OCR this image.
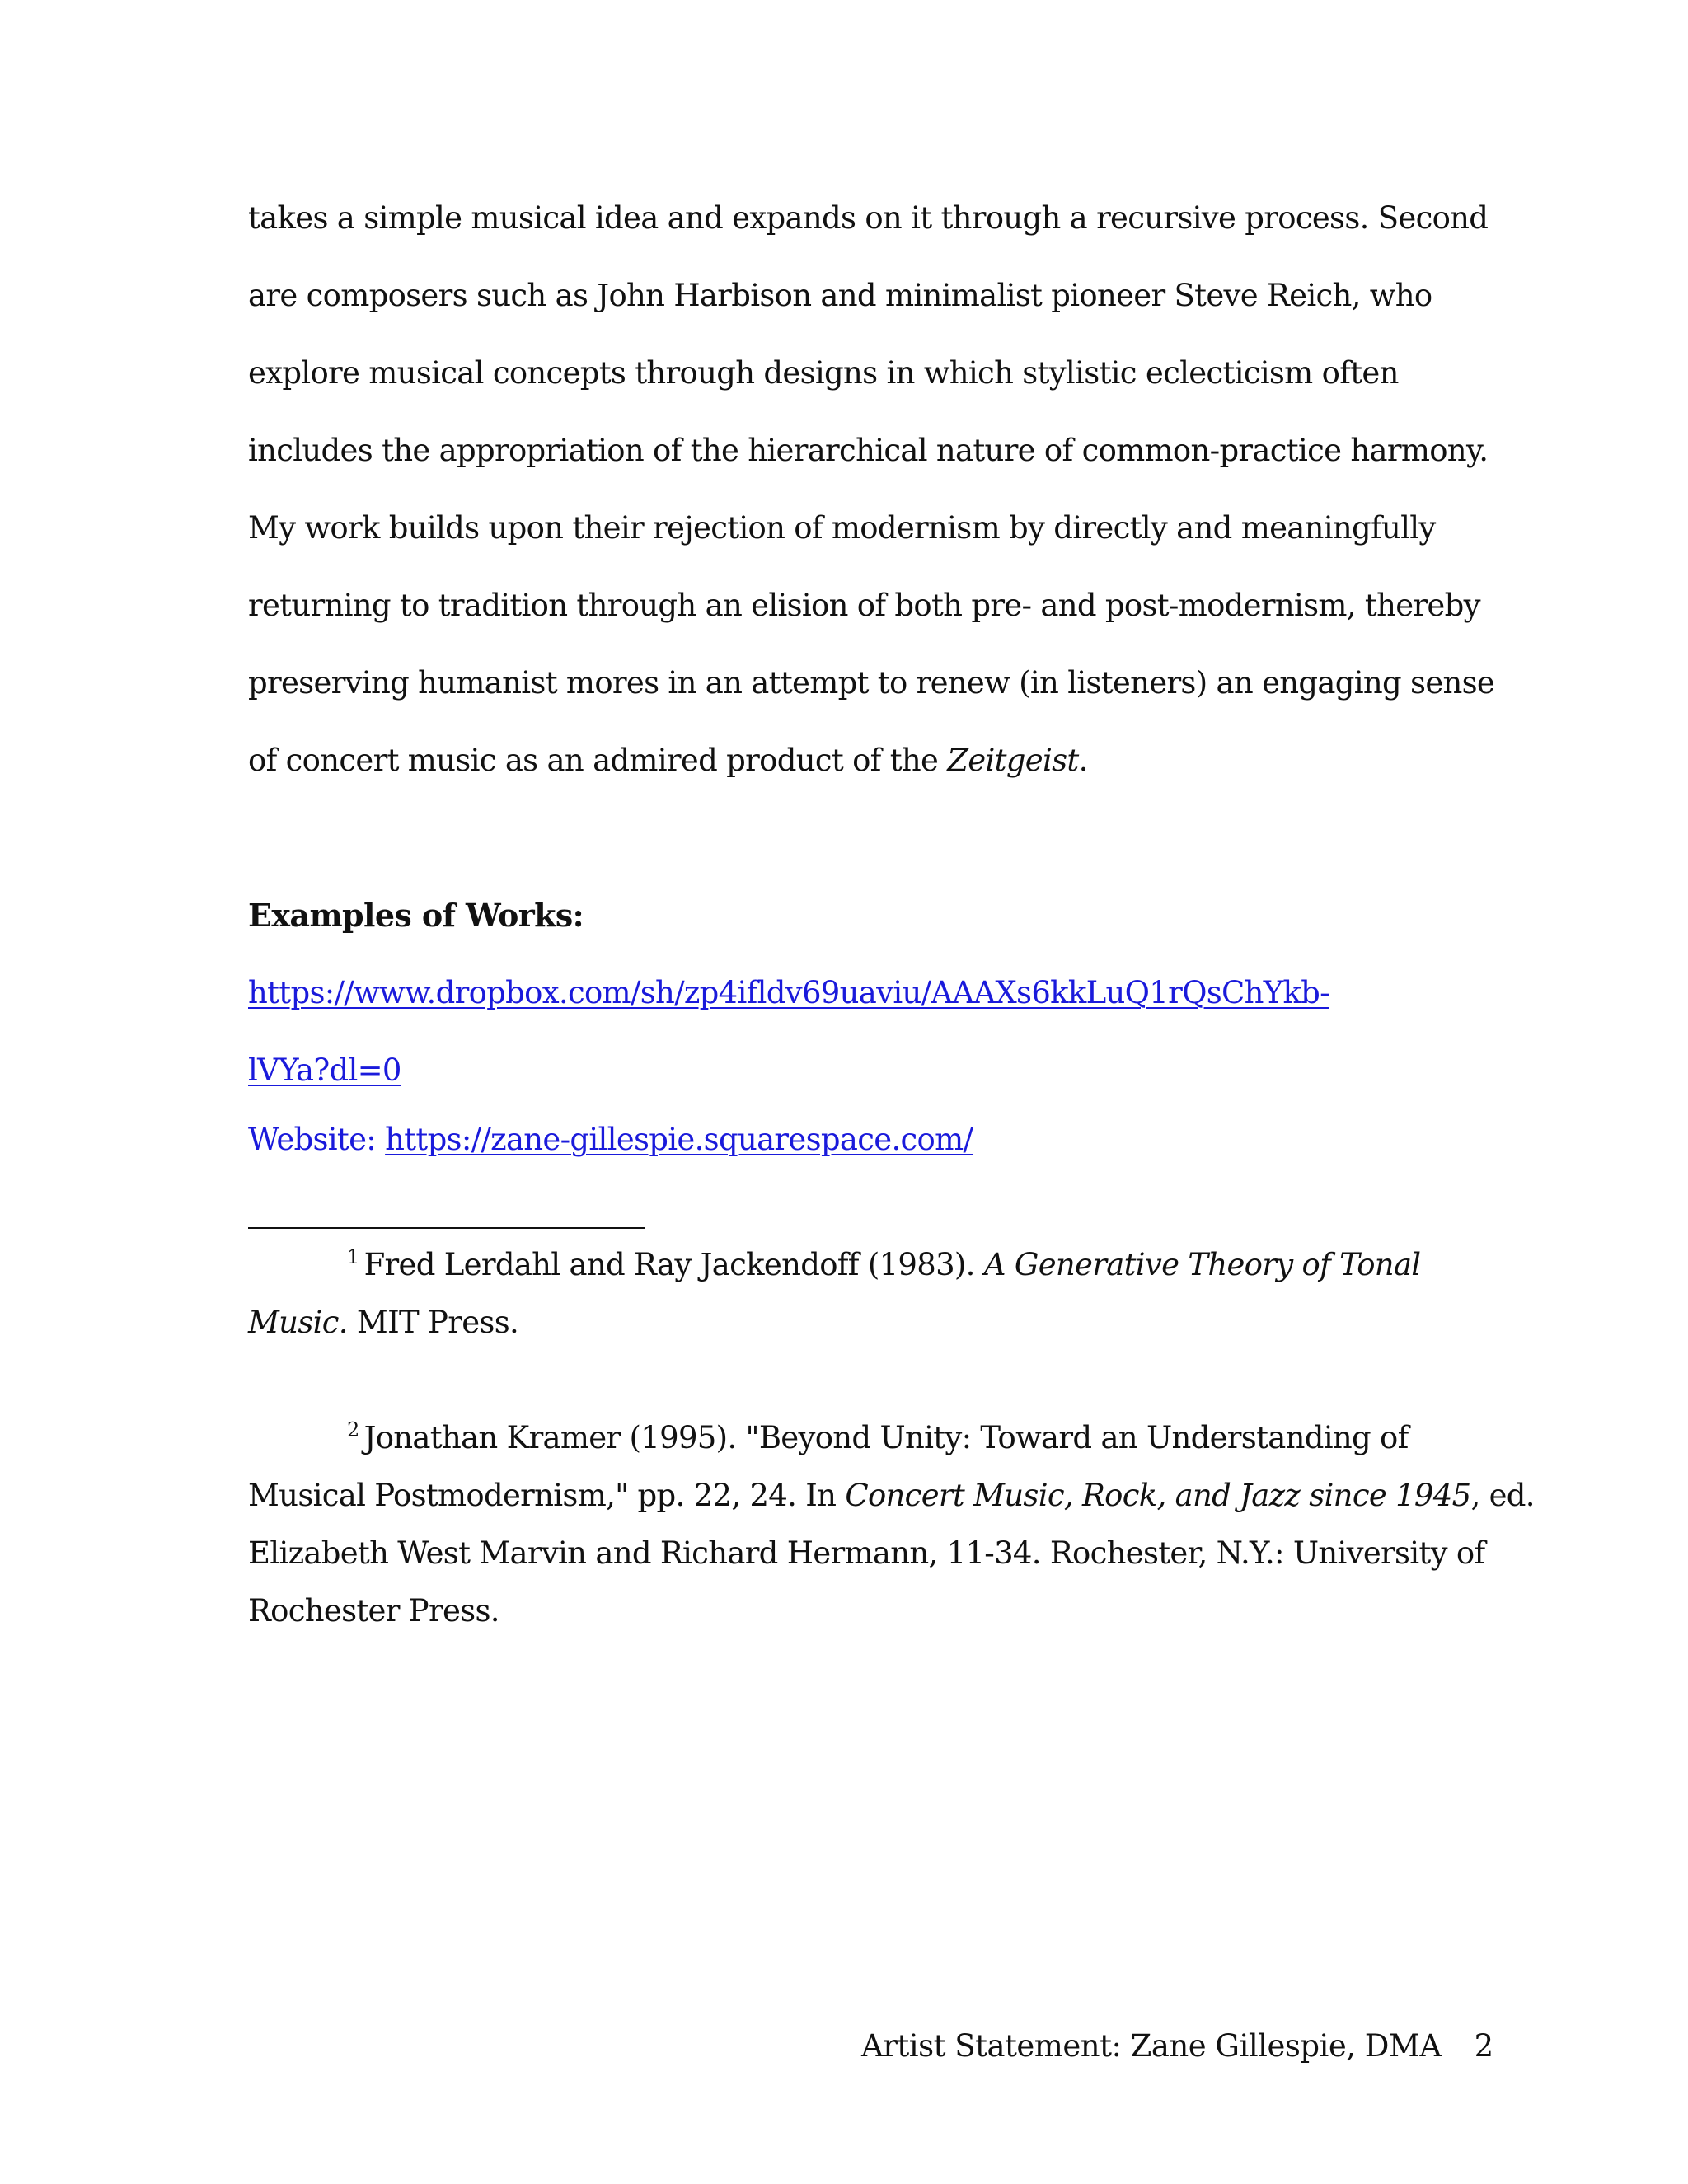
takes a simple musical idea and expands on it through a recursive process. Second
are composers such as John Harbison and minimalist pioneer Steve Reich, who
explore musical concepts through designs in which stylistic eclecticism often
includes the appropriation of the hierarchical nature of common-practice harmony.
My work builds upon their rejection of modernism by directly and meaningfully
returning to tradition through an elision of both pre- and post-modernism, thereby
preserving humanist mores in an attempt to renew (in listeners) an engaging sense
of concert music as an admired product of the Zeitgeist.
Examples of Works:
https://www.dropbox.com/sh/zp4ifldv69uaviu/AAAXs6kkLuQ1rQsChYkb-
lVYa?dl=0
Website: https://zane-gillespie.squarespace.com/
$^1$ Fred Lerdahl and Ray Jackendoff (1983). A Generative Theory of Tonal
Music. MIT Press.
$^2$ Jonathan Kramer (1995). "Beyond Unity: Toward an Understanding of
Musical Postmodernism," pp. 22, 24. In Concert Music, Rock, and Jazz since 1945, ed.
Elizabeth West Marvin and Richard Hermann, 11-34. Rochester, N.Y.: University of
Rochester Press.
Artist Statement: Zane Gillespie, DMA 2
